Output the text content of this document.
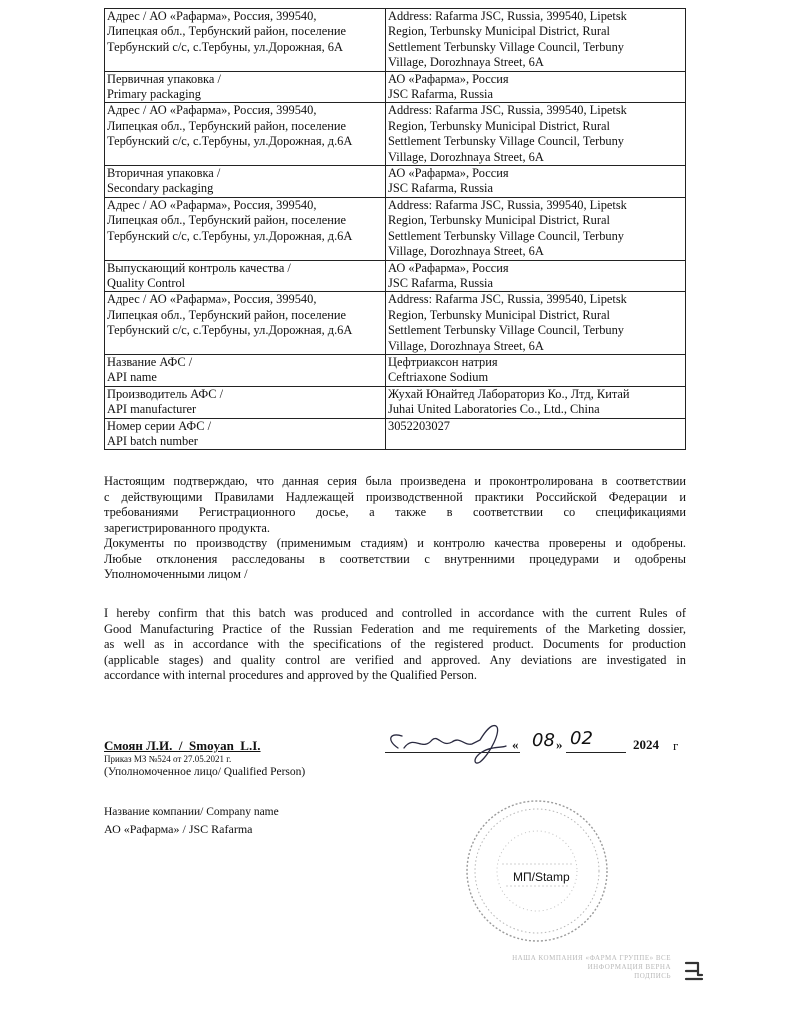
Адрес / АО «Рафарма», Россия, 399540,
Липецкая обл., Тербунский район, поселение
Тербунский с/с, с.Тербуны, ул.Дорожная, 6А	Address: Rafarma JSC, Russia, 399540, Lipetsk
Region, Terbunsky Municipal District, Rural
Settlement Terbunsky Village Council, Terbuny
Village, Dorozhnaya Street, 6A

Первичная упаковка /
Primary packaging	АО «Рафарма», Россия
JSC Rafarma, Russia

Адрес / АО «Рафарма», Россия, 399540,
Липецкая обл., Тербунский район, поселение
Тербунский с/с, с.Тербуны, ул.Дорожная, д.6А	Address: Rafarma JSC, Russia, 399540, Lipetsk
Region, Terbunsky Municipal District, Rural
Settlement Terbunsky Village Council, Terbuny
Village, Dorozhnaya Street, 6A

Вторичная упаковка /
Secondary packaging	АО «Рафарма», Россия
JSC Rafarma, Russia

Адрес / АО «Рафарма», Россия, 399540,
Липецкая обл., Тербунский район, поселение
Тербунский с/с, с.Тербуны, ул.Дорожная, д.6А	Address: Rafarma JSC, Russia, 399540, Lipetsk
Region, Terbunsky Municipal District, Rural
Settlement Terbunsky Village Council, Terbuny
Village, Dorozhnaya Street, 6A

Выпускающий контроль качества /
Quality Control	АО «Рафарма», Россия
JSC Rafarma, Russia

Адрес / АО «Рафарма», Россия, 399540,
Липецкая обл., Тербунский район, поселение
Тербунский с/с, с.Тербуны, ул.Дорожная, д.6А	Address: Rafarma JSC, Russia, 399540, Lipetsk
Region, Terbunsky Municipal District, Rural
Settlement Terbunsky Village Council, Terbuny
Village, Dorozhnaya Street, 6A

Название АФС /
API name	Цефтриаксон натрия
Ceftriaxone Sodium

Производитель АФС /
API manufacturer	Жухай Юнайтед Лабораториз Ко., Лтд, Китай
Juhai United Laboratories Co., Ltd., China

Номер серии АФС /
API batch number	3052203027
Настоящим подтверждаю, что данная серия была произведена и проконтролирована в соответствии
с действующими Правилами Надлежащей производственной практики Российской Федерации и
требованиями Регистрационного досье, а также в соответствии со спецификациями
зарегистрированного продукта.
Документы по производству (применимым стадиям) и контролю качества проверены и одобрены.
Любые отклонения расследованы в соответствии с внутренними процедурами и одобрены
Уполномоченными лицом /
I hereby confirm that this batch was produced and controlled in accordance with the current Rules of
Good Manufacturing Practice of the Russian Federation and me requirements of the Marketing dossier,
as well as in accordance with the specifications of the registered product. Documents for production
(applicable stages) and quality control are verified and approved. Any deviations are investigated in
accordance with internal procedures and approved by the Qualified Person.
Смоян Л.И.  /  Smoyan  L.I.
Приказ МЗ №524 от 27.05.2021 г.
(Уполномоченное лицо/ Qualified Person)
« 08 » 02	2024 г
Название компании/ Company name
АО «Рафарма» / JSC Rafarma
МП/Stamp
НАША КОМПАНИЯ «ФАРМА ГРУППЕ» ВСЕ
ИНФОРМАЦИЯ ВЕРНА
ПОДПИСЬ
